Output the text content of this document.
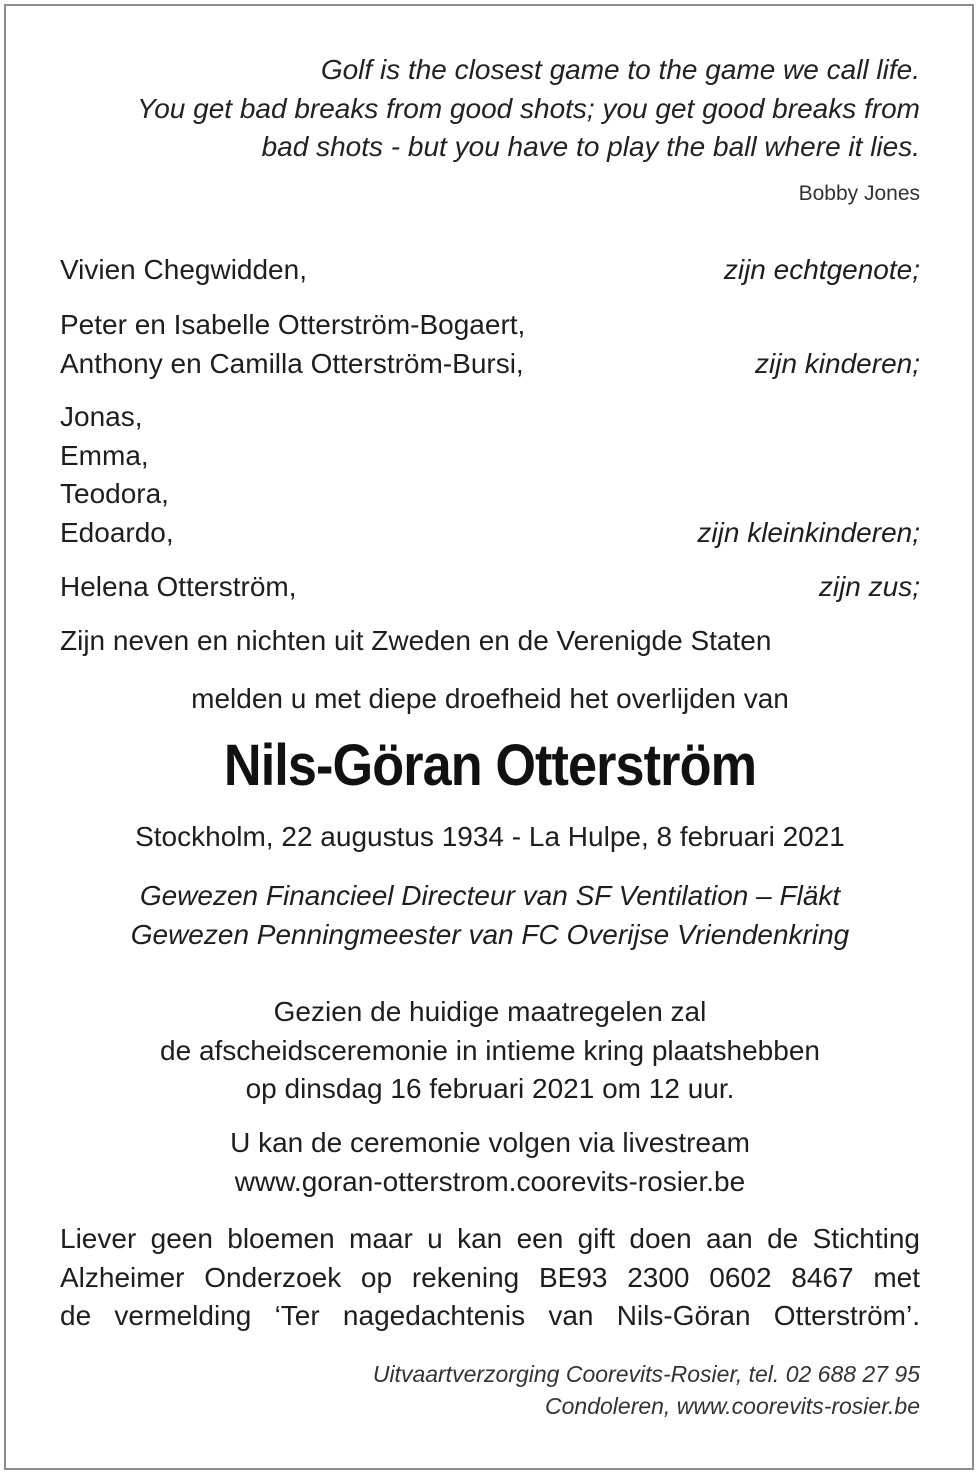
Golf is the closest game to the game we call life.
You get bad breaks from good shots; you get good breaks from
bad shots - but you have to play the ball where it lies.
Bobby Jones
Vivien Chegwidden,	zijn echtgenote;
Peter en Isabelle Otterström-Bogaert,
Anthony en Camilla Otterström-Bursi,	zijn kinderen;
Jonas,
Emma,
Teodora,
Edoardo,	zijn kleinkinderen;
Helena Otterström,	zijn zus;
Zijn neven en nichten uit Zweden en de Verenigde Staten
melden u met diepe droefheid het overlijden van
Nils-Göran Otterström
Stockholm, 22 augustus 1934 - La Hulpe, 8 februari 2021
Gewezen Financieel Directeur van SF Ventilation – Fläkt
Gewezen Penningmeester van FC Overijse Vriendenkring
Gezien de huidige maatregelen zal
de afscheidsceremonie in intieme kring plaatshebben
op dinsdag 16 februari 2021 om 12 uur.
U kan de ceremonie volgen via livestream
www.goran-otterstrom.coorevits-rosier.be
Liever geen bloemen maar u kan een gift doen aan de Stichting
Alzheimer Onderzoek op rekening BE93 2300 0602 8467 met
de vermelding ‘Ter nagedachtenis van Nils-Göran Otterström’.
Uitvaartverzorging Coorevits-Rosier, tel. 02 688 27 95
Condoleren, www.coorevits-rosier.be
